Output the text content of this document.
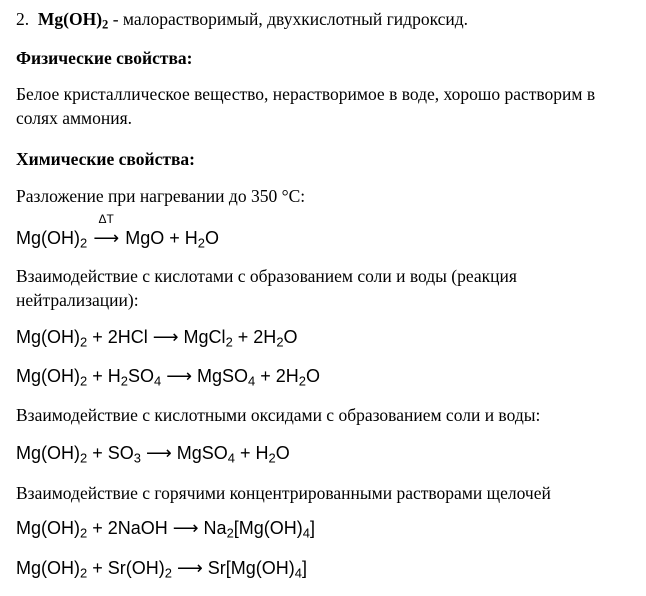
2. $Mg(OH)_2$ - малорастворимый, двухкислотный гидроксид.
Физические свойства:
Белое кристаллическое вещество, нерастворимое в воде, хорошо растворим в солях аммония.
Химические свойства:
Разложение при нагревании до 350 °C:
$Mg(OH)_2$
ΔT
⟶ MgO + $H_2O$
Взаимодействие с кислотами с образованием соли и воды (реакция нейтрализации):
$Mg(OH)_2 + 2HCl$ ⟶ MgCl$_2$ + $2H_2O$
$Mg(OH)_2 + H_2SO_4$ ⟶ MgSO$_4$ + $2H_2O$
Взаимодействие с кислотными оксидами с образованием соли и воды:
$Mg(OH)_2 + SO_3$ ⟶ MgSO$_4$ + $H_2O$
Взаимодействие с горячими концентрированными растворами щелочей
$Mg(OH)_2$ + 2NaOH ⟶ $Na_2[Mg(OH)_4]$
$Mg(OH)_2 + Sr(OH)_2$ ⟶ $Sr[Mg(OH)_4]$
